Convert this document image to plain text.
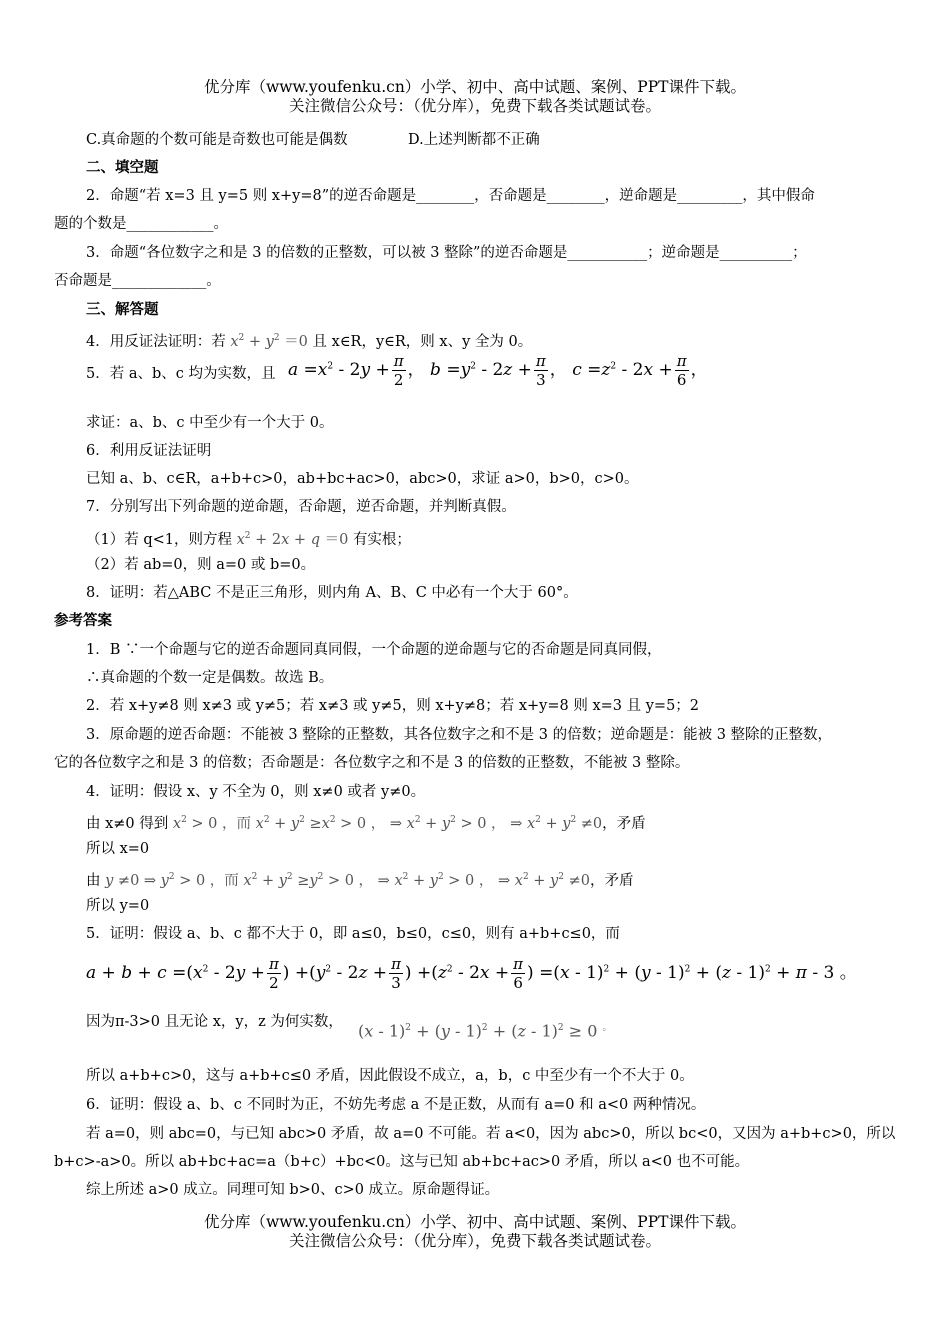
优分库（www.youfenku.cn）小学、初中、高中试题、案例、PPT课件下载。
关注微信公众号：（优分库），免费下载各类试题试卷。
C.真命题的个数可能是奇数也可能是偶数	D.上述判断都不正确
二、填空题
2．命题“若 x=3 且 y=5 则 x+y=8”的逆否命题是________，否命题是________，逆命题是_________，其中假命
题的个数是____________。
3．命题“各位数字之和是 3 的倍数的正整数，可以被 3 整除”的逆否命题是___________；逆命题是__________；
否命题是_____________。
三、解答题
4．用反证法证明：若 $x^2 + y^2 =0$ 且 x∈R，y∈R，则 x、y 全为 0。
5．若 a、b、c 均为实数，且 $a =x^2 - 2y + \frac{\pi}{2}$ ， $b =y^2 - 2z + \frac{\pi}{3}$ ， $c =z^2 - 2x + \frac{\pi}{6}$ ，
求证：a、b、c 中至少有一个大于 0。
6．利用反证法证明
已知 a、b、c∈R，a+b+c>0，ab+bc+ac>0，abc>0，求证 a>0，b>0，c>0。
7．分别写出下列命题的逆命题，否命题，逆否命题，并判断真假。
（1）若 q<1，则方程 $x^2 + 2x + q =0$ 有实根；
（2）若 ab=0，则 a=0 或 b=0。
8．证明：若△ABC 不是正三角形，则内角 A、B、C 中必有一个大于 60°。
参考答案
1．B ∵一个命题与它的逆否命题同真同假，一个命题的逆命题与它的否命题是同真同假，
∴真命题的个数一定是偶数。故选 B。
2．若 x+y≠8 则 x≠3 或 y≠5；若 x≠3 或 y≠5，则 x+y≠8；若 x+y=8 则 x=3 且 y=5；2
3．原命题的逆否命题：不能被 3 整除的正整数，其各位数字之和不是 3 的倍数；逆命题是：能被 3 整除的正整数，
它的各位数字之和是 3 的倍数；否命题是：各位数字之和不是 3 的倍数的正整数，不能被 3 整除。
4．证明：假设 x、y 不全为 0，则 x≠0 或者 y≠0。
由 x≠0 得到 $x^2 > 0$ ，而 $x^2 + y^2 \ge x^2 > 0$ ， ⇒ $x^2 + y^2 > 0$ ， ⇒ $x^2 + y^2 \ne 0$，矛盾
所以 x=0
由 y ≠0 ⇒ $y^2 > 0$ ，而 $x^2 + y^2 \ge y^2 > 0$ ， ⇒ $x^2 + y^2 > 0$ ， ⇒ $x^2 + y^2 \ne 0$，矛盾
所以 y=0
5．证明：假设 a、b、c 都不大于 0，即 a≤0，b≤0，c≤0，则有 a+b+c≤0，而
$a + b + c =(x^2 - 2y + \frac{\pi}{2}$ ) $+(y^2 - 2z + \frac{\pi}{3}$ ) $+(z^2 - 2x + \frac{\pi}{6}$ ) =(x - 1)$^2$ + (y - 1)$^2$ + (z - 1)$^2$ + π - 3 。
因为π-3>0 且无论 x，y，z 为何实数， (x - 1)$^2$ + (y - 1)$^2$ + (z - 1)$^2$ ≥ 0 。
所以 a+b+c>0，这与 a+b+c≤0 矛盾，因此假设不成立，a，b，c 中至少有一个不大于 0。
6．证明：假设 a、b、c 不同时为正，不妨先考虑 a 不是正数，从而有 a=0 和 a<0 两种情况。
若 a=0，则 abc=0，与已知 abc>0 矛盾，故 a=0 不可能。若 a<0，因为 abc>0，所以 bc<0，又因为 a+b+c>0，所以
b+c>-a>0。所以 ab+bc+ac=a（b+c）+bc<0。这与已知 ab+bc+ac>0 矛盾，所以 a<0 也不可能。
综上所述 a>0 成立。同理可知 b>0、c>0 成立。原命题得证。
优分库（www.youfenku.cn）小学、初中、高中试题、案例、PPT课件下载。
关注微信公众号：（优分库），免费下载各类试题试卷。
